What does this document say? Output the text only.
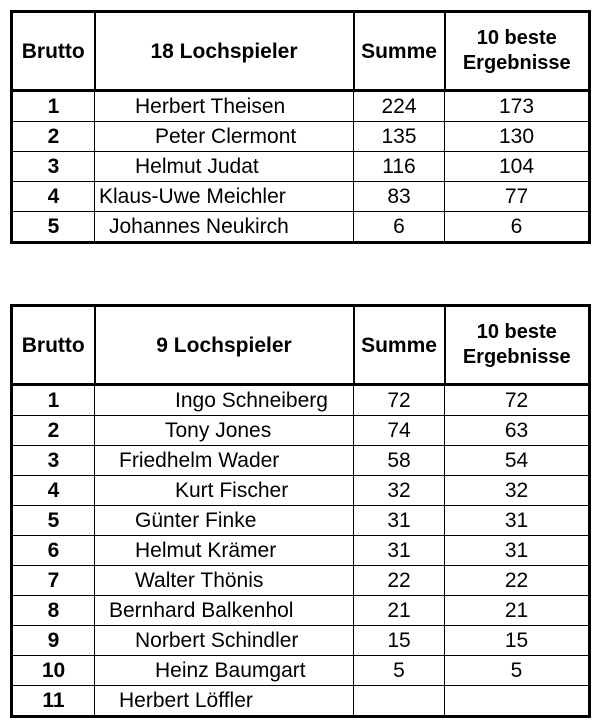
Brutto	18 Lochspieler	Summe	10 beste
Ergebnisse
1	Herbert Theisen	224	173
2	Peter Clermont	135	130
3	Helmut Judat	116	104
4	Klaus-Uwe Meichler	83	77
5	Johannes Neukirch	6	6
Brutto	9 Lochspieler	Summe	10 beste
Ergebnisse
1	Ingo Schneiberg	72	72
2	Tony Jones	74	63
3	Friedhelm Wader	58	54
4	Kurt Fischer	32	32
5	Günter Finke	31	31
6	Helmut Krämer	31	31
7	Walter Thönis	22	22
8	Bernhard Balkenhol	21	21
9	Norbert Schindler	15	15
10	Heinz Baumgart	5	5
11	Herbert Löffler		
